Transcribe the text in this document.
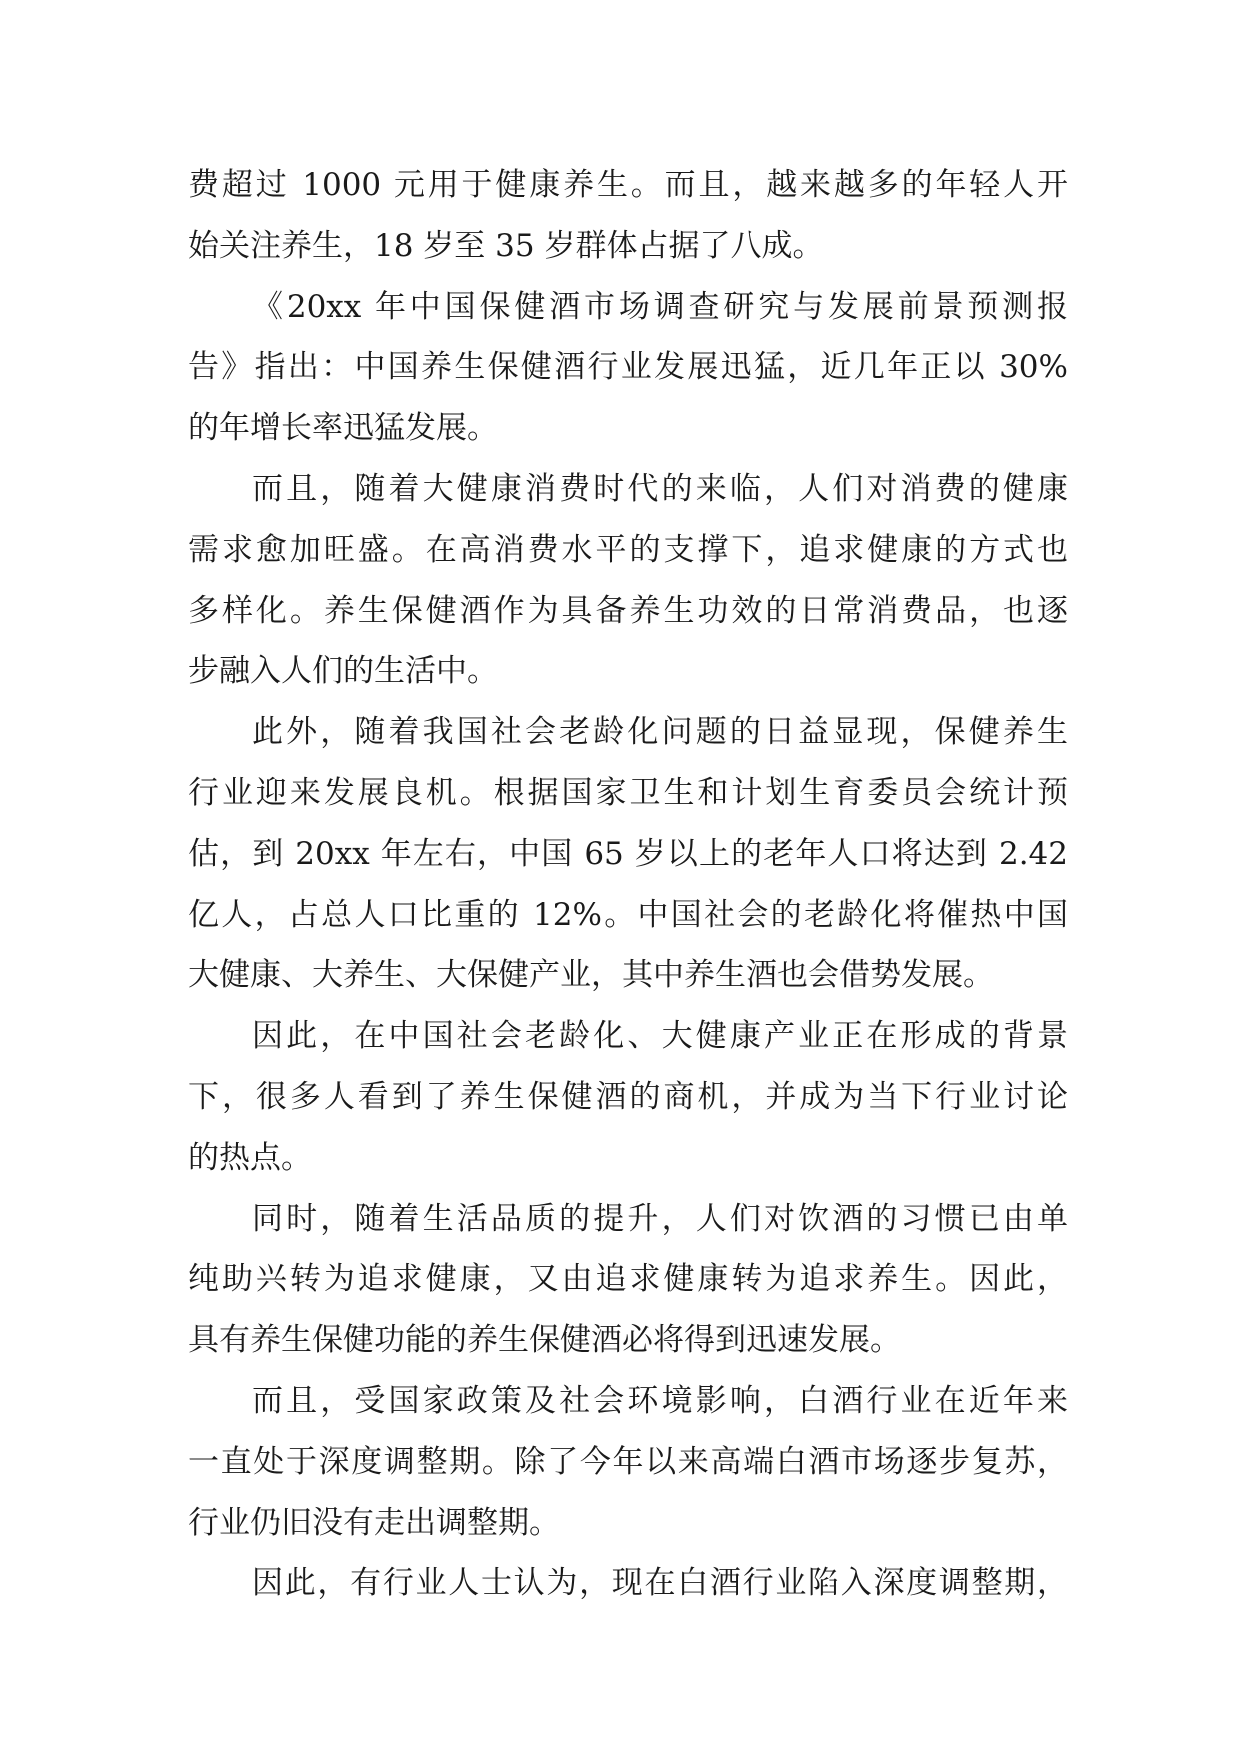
费超过 1000 元用于健康养生。而且，越来越多的年轻人开
始关注养生，18 岁至 35 岁群体占据了八成。
《20xx 年中国保健酒市场调查研究与发展前景预测报
告》指出：中国养生保健酒行业发展迅猛，近几年正以 30%
的年增长率迅猛发展。
而且，随着大健康消费时代的来临，人们对消费的健康
需求愈加旺盛。在高消费水平的支撑下，追求健康的方式也
多样化。养生保健酒作为具备养生功效的日常消费品，也逐
步融入人们的生活中。
此外，随着我国社会老龄化问题的日益显现，保健养生
行业迎来发展良机。根据国家卫生和计划生育委员会统计预
估，到 20xx 年左右，中国 65 岁以上的老年人口将达到 2.42
亿人，占总人口比重的 12%。中国社会的老龄化将催热中国
大健康、大养生、大保健产业，其中养生酒也会借势发展。
因此，在中国社会老龄化、大健康产业正在形成的背景
下，很多人看到了养生保健酒的商机，并成为当下行业讨论
的热点。
同时，随着生活品质的提升，人们对饮酒的习惯已由单
纯助兴转为追求健康，又由追求健康转为追求养生。因此，
具有养生保健功能的养生保健酒必将得到迅速发展。
而且，受国家政策及社会环境影响，白酒行业在近年来
一直处于深度调整期。除了今年以来高端白酒市场逐步复苏，
行业仍旧没有走出调整期。
因此，有行业人士认为，现在白酒行业陷入深度调整期，
